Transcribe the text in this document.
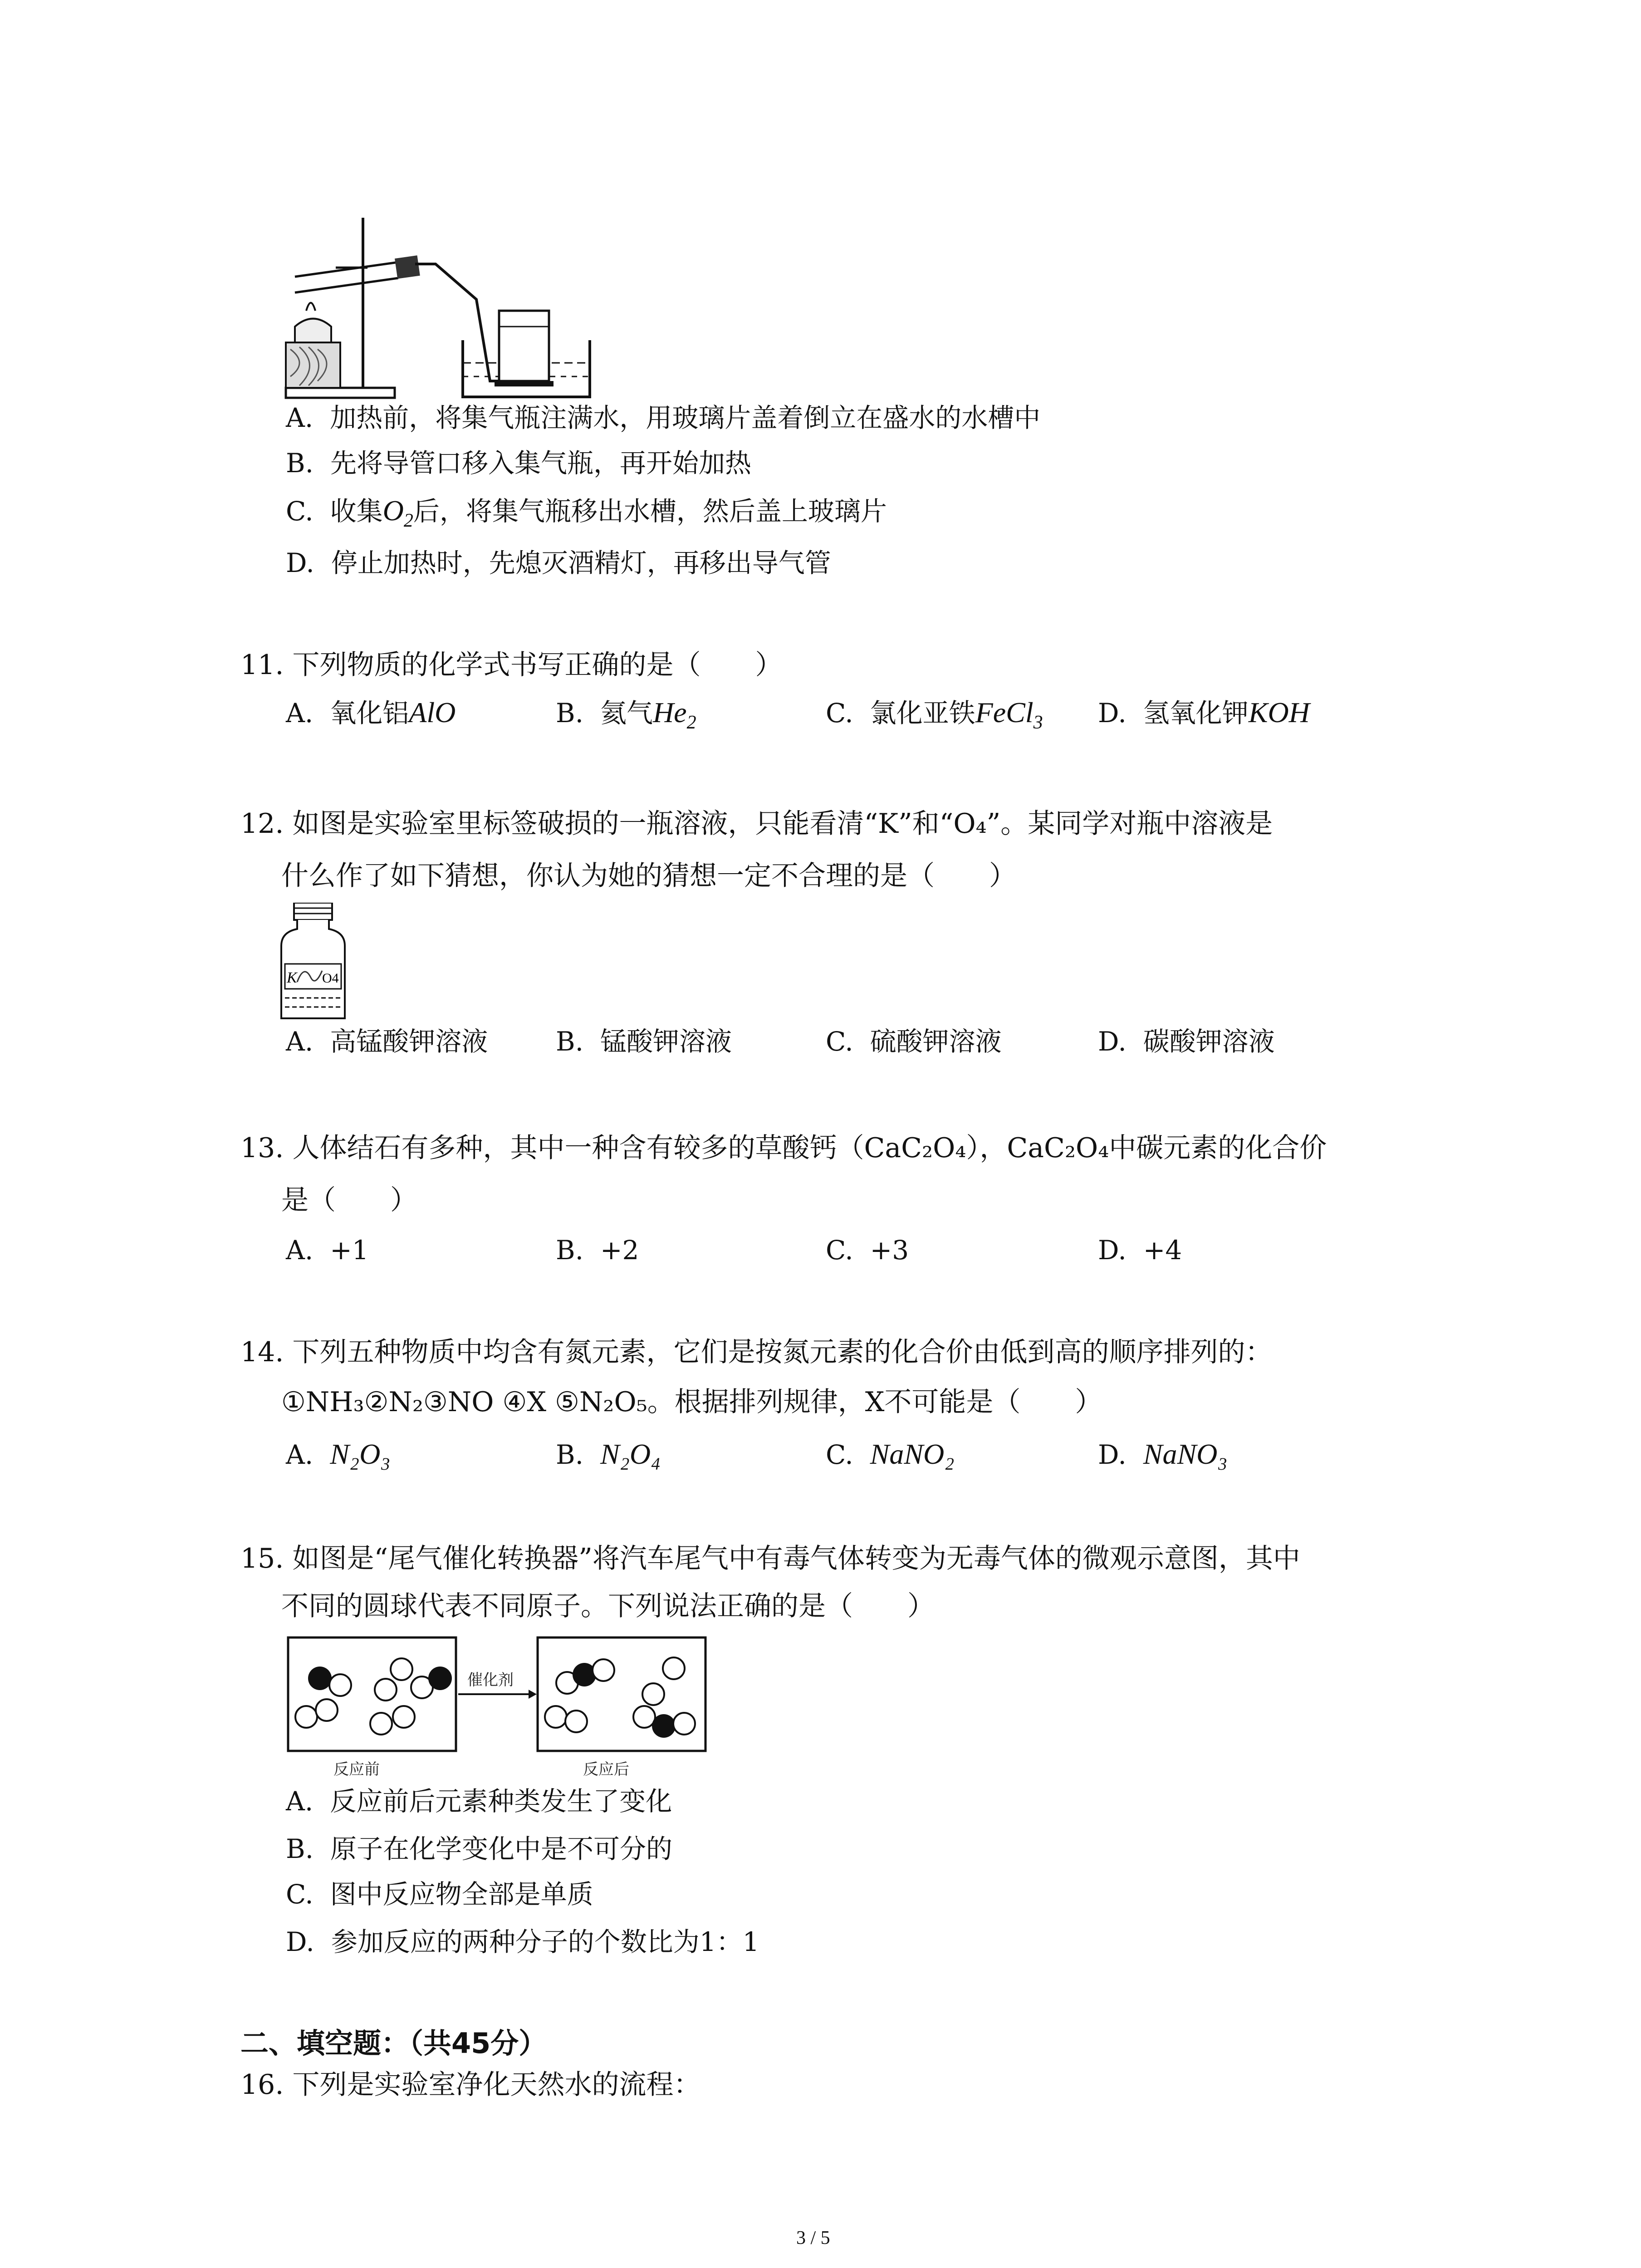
A. 加热前，将集气瓶注满水，用玻璃片盖着倒立在盛水的水槽中
B. 先将导管口移入集气瓶，再开始加热
C. 收集$O_2$后，将集气瓶移出水槽，然后盖上玻璃片
D. 停止加热时，先熄灭酒精灯，再移出导气管
11. 下列物质的化学式书写正确的是（　　）
A. 氧化铝AlO	B. 氦气$He_2$	C. 氯化亚铁FeCl$_3$ D. 氢氧化钾KOH
12. 如图是实验室里标签破损的一瓶溶液，只能看清“K”和“O₄”。某同学对瓶中溶液是
什么作了如下猜想，你认为她的猜想一定不合理的是（　　）
K O4
A. 高锰酸钾溶液	B. 锰酸钾溶液	C. 硫酸钾溶液	D. 碳酸钾溶液
13. 人体结石有多种，其中一种含有较多的草酸钙（CaC₂O₄），CaC₂O₄中碳元素的化合价
是（　　）
A. +1	B. +2	C. +3	D. +4
14. 下列五种物质中均含有氮元素，它们是按氮元素的化合价由低到高的顺序排列的：
①NH₃②N₂③NO ④X ⑤N₂O₅。根据排列规律，X不可能是（　　）
A. N₂O₃	B. N₂O₄	C. NaNO₂	D. NaNO₃
15. 如图是“尾气催化转换器”将汽车尾气中有毒气体转变为无毒气体的微观示意图，其中
不同的圆球代表不同原子。下列说法正确的是（　　）
催化剂
反应前	反应后
A. 反应前后元素种类发生了变化
B. 原子在化学变化中是不可分的
C. 图中反应物全部是单质
D. 参加反应的两种分子的个数比为1：1
二、填空题：（共45分）
16. 下列是实验室净化天然水的流程：
3 / 5
